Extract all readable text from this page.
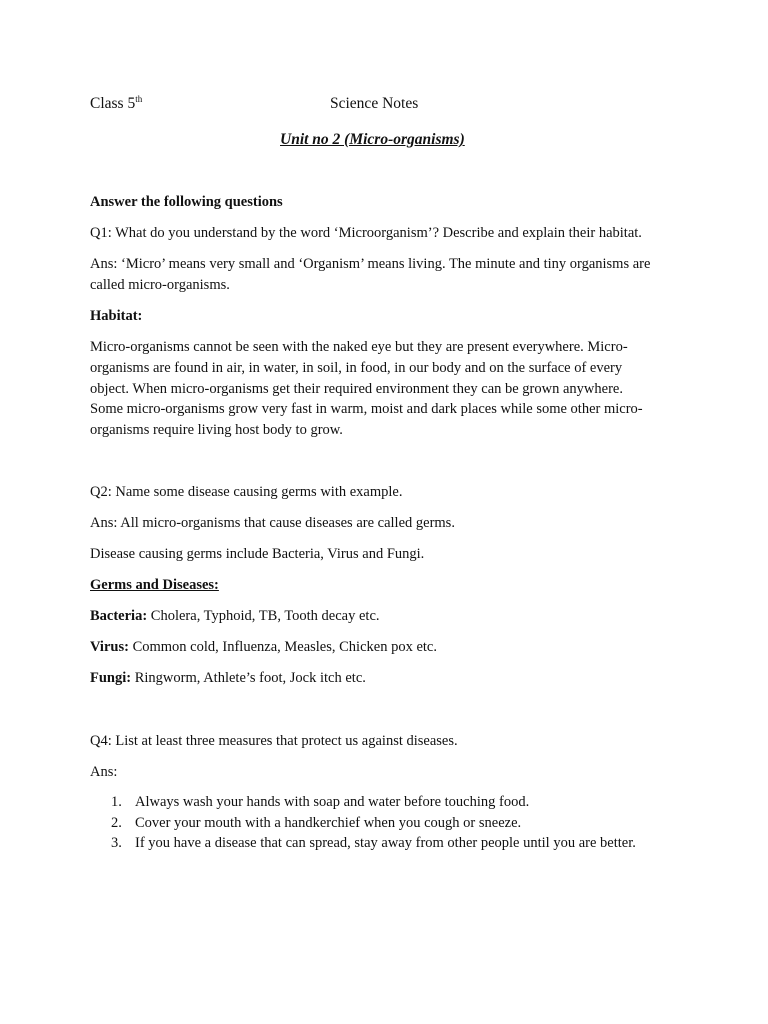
Class 5th	Science Notes
Unit no 2 (Micro-organisms)
Answer the following questions
Q1: What do you understand by the word ‘Microorganism’? Describe and explain their habitat.
Ans: ‘Micro’ means very small and ‘Organism’ means living. The minute and tiny organisms are
called micro-organisms.
Habitat:
Micro-organisms cannot be seen with the naked eye but they are present everywhere. Micro-
organisms are found in air, in water, in soil, in food, in our body and on the surface of every
object. When micro-organisms get their required environment they can be grown anywhere.
Some micro-organisms grow very fast in warm, moist and dark places while some other micro-
organisms require living host body to grow.
Q2: Name some disease causing germs with example.
Ans: All micro-organisms that cause diseases are called germs.
Disease causing germs include Bacteria, Virus and Fungi.
Germs and Diseases:
Bacteria: Cholera, Typhoid, TB, Tooth decay etc.
Virus: Common cold, Influenza, Measles, Chicken pox etc.
Fungi: Ringworm, Athlete’s foot, Jock itch etc.
Q4: List at least three measures that protect us against diseases.
Ans:
1. Always wash your hands with soap and water before touching food.
2. Cover your mouth with a handkerchief when you cough or sneeze.
3. If you have a disease that can spread, stay away from other people until you are better.
